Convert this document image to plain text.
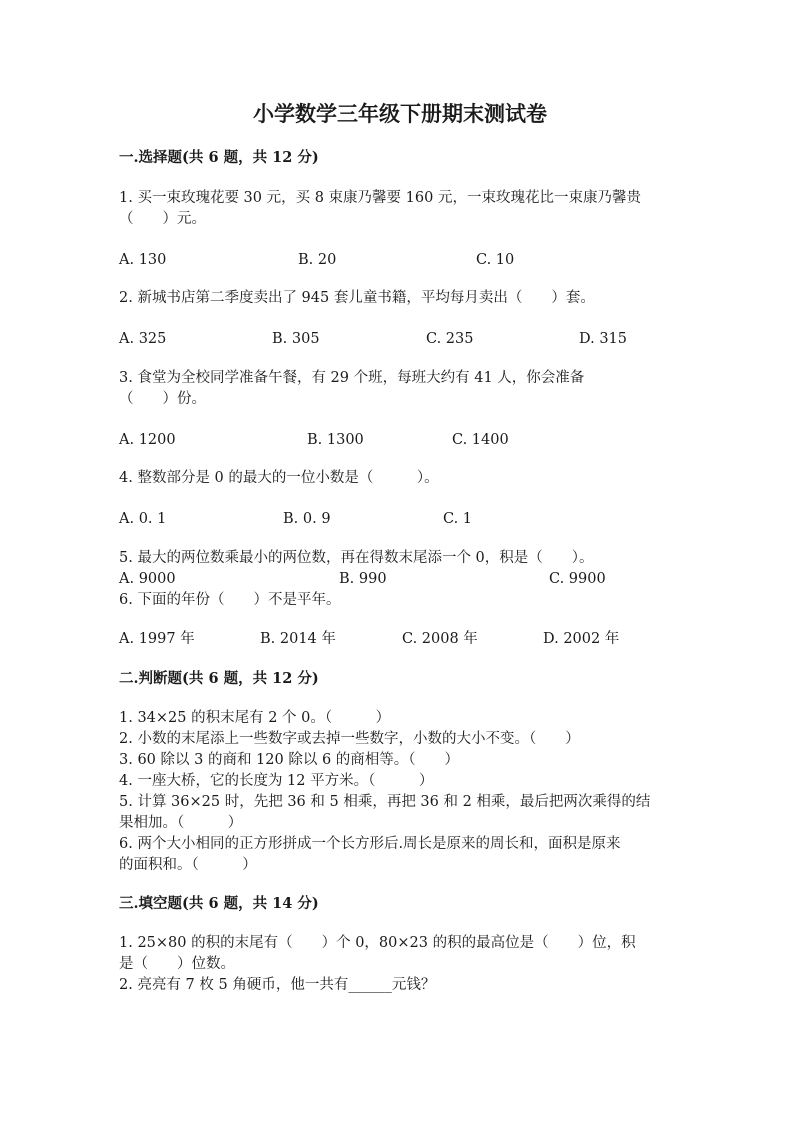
小学数学三年级下册期末测试卷
一.选择题(共 6 题，共 12 分)
1. 买一束玫瑰花要 30 元，买 8 束康乃馨要 160 元，一束玫瑰花比一束康乃馨贵
（　　）元。
A. 130	B. 20	C. 10
2. 新城书店第二季度卖出了 945 套儿童书籍，平均每月卖出（　　）套。
A. 325	B. 305	C. 235	D. 315
3. 食堂为全校同学准备午餐，有 29 个班，每班大约有 41 人，你会准备
（　　）份。
A. 1200	B. 1300	C. 1400
4. 整数部分是 0 的最大的一位小数是（　　　）。
A. 0. 1	B. 0. 9	C. 1
5. 最大的两位数乘最小的两位数，再在得数末尾添一个 0，积是（　　）。
A. 9000	B. 990	C. 9900
6. 下面的年份（　　）不是平年。
A. 1997 年	B. 2014 年	C. 2008 年	D. 2002 年
二.判断题(共 6 题，共 12 分)
1. 34×25 的积末尾有 2 个 0。（　　　）
2. 小数的末尾添上一些数字或去掉一些数字，小数的大小不变。（　　）
3. 60 除以 3 的商和 120 除以 6 的商相等。（　　）
4. 一座大桥，它的长度为 12 平方米。（　　　）
5. 计算 36×25 时，先把 36 和 5 相乘，再把 36 和 2 相乘，最后把两次乘得的结
果相加。（　　　）
6. 两个大小相同的正方形拼成一个长方形后.周长是原来的周长和，面积是原来
的面积和。（　　　）
三.填空题(共 6 题，共 14 分)
1. 25×80 的积的末尾有（　　）个 0，80×23 的积的最高位是（　　）位，积
是（　　）位数。
2. 亮亮有 7 枚 5 角硬币，他一共有______元钱？
